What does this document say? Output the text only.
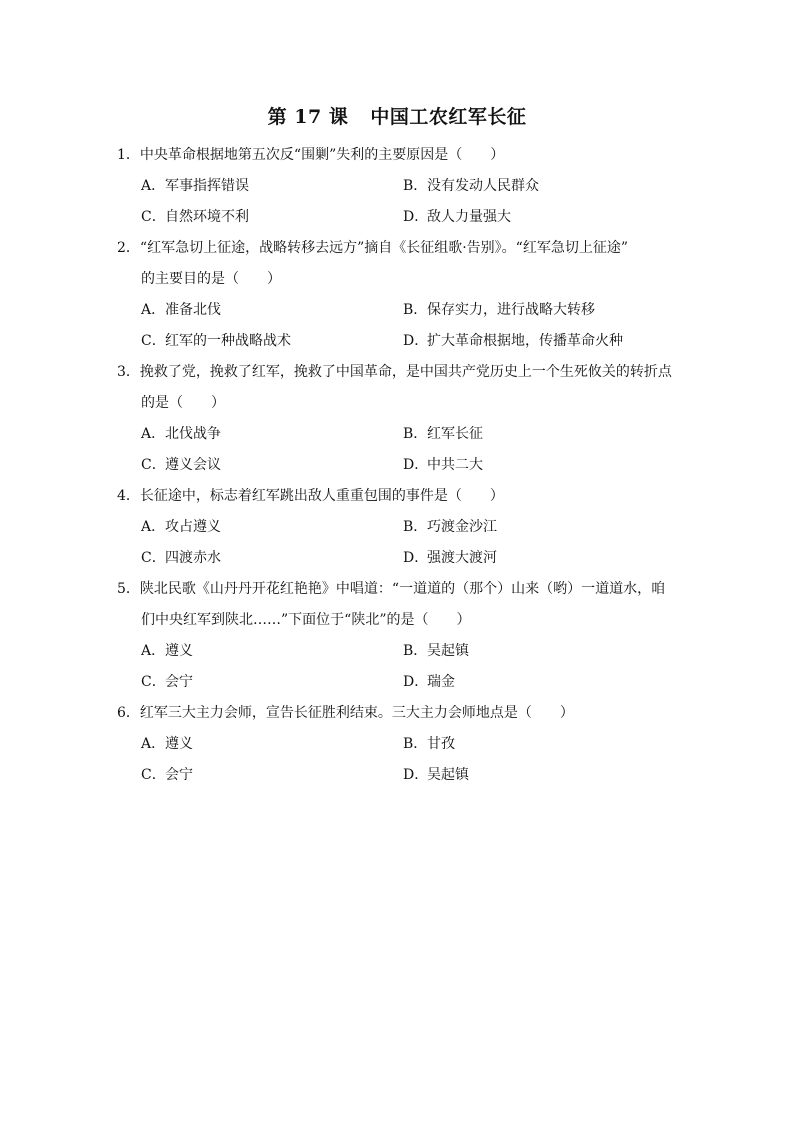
第 17 课 中国工农红军长征

1．中央革命根据地第五次反“围剿”失利的主要原因是（　　）

A．军事指挥错误	B．没有发动人民群众
C．自然环境不利	D．敌人力量强大

2．“红军急切上征途，战略转移去远方”摘自《长征组歌·告别》。“红军急切上征途”
的主要目的是（　　）

A．准备北伐	B．保存实力，进行战略大转移
C．红军的一种战略战术	D．扩大革命根据地，传播革命火种

3．挽救了党，挽救了红军，挽救了中国革命，是中国共产党历史上一个生死攸关的转折点
的是（　　）

A．北伐战争	B．红军长征
C．遵义会议	D．中共二大

4．长征途中，标志着红军跳出敌人重重包围的事件是（　　）

A．攻占遵义	B．巧渡金沙江
C．四渡赤水	D．强渡大渡河

5．陕北民歌《山丹丹开花红艳艳》中唱道：“一道道的（那个）山来（哟）一道道水，咱
们中央红军到陕北……”下面位于“陕北”的是（　　）

A．遵义	B．吴起镇
C．会宁	D．瑞金

6．红军三大主力会师，宣告长征胜利结束。三大主力会师地点是（　　）

A．遵义	B．甘孜
C．会宁	D．吴起镇
